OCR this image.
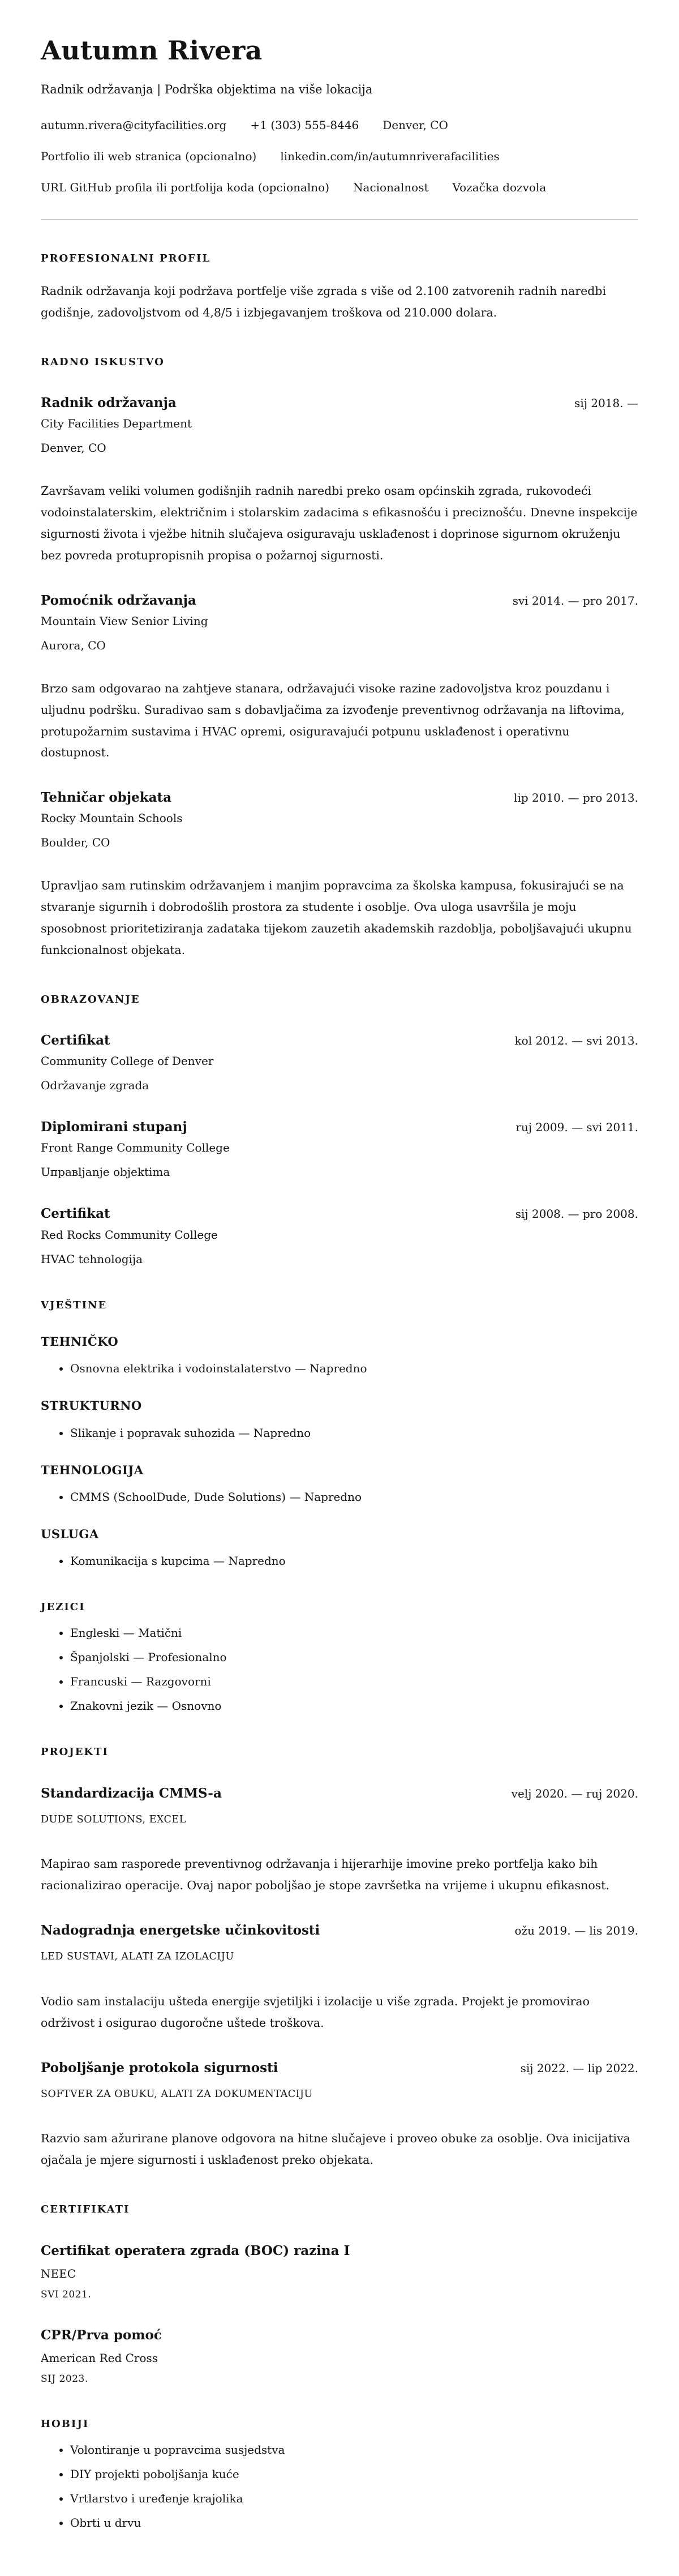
Autumn Rivera

Radnik održavanja | Podrška objektima na više lokacija

autumn.rivera@cityfacilities.org +1 (303) 555-8446 Denver, CO
Portfolio ili web stranica (opcionalno) linkedin.com/in/autumnriverafacilities
URL GitHub profila ili portfolija koda (opcionalno) Nacionalnost Vozačka dozvola
PROFESIONALNI PROFIL

Radnik održavanja koji podržava portfelje više zgrada s više od 2.100 zatvorenih radnih naredbi godišnje, zadovoljstvom od 4,8/5 i izbjegavanjem troškova od 210.000 dolara.

RADNO ISKUSTVO
Radnik održavanja	sij 2018. —

City Facilities Department

Denver, CO

Završavam veliki volumen godišnjih radnih naredbi preko osam općinskih zgrada, rukovodeći vodoinstalaterskim, električnim i stolarskim zadacima s efikasnošću i preciznošću. Dnevne inspekcije sigurnosti života i vježbe hitnih slučajeva osiguravaju usklađenost i doprinose sigurnom okruženju bez povreda protupropisnih propisa o požarnoj sigurnosti.

Pomoćnik održavanja	svi 2014. — pro 2017.

Mountain View Senior Living

Aurora, CO

Brzo sam odgovarao na zahtjeve stanara, održavajući visoke razine zadovoljstva kroz pouzdanu i uljudnu podršku. Suradivao sam s dobavljačima za izvođenje preventivnog održavanja na liftovima, protupožarnim sustavima i HVAC opremi, osiguravajući potpunu usklađenost i operativnu dostupnost.

Tehničar objekata	lip 2010. — pro 2013.

Rocky Mountain Schools

Boulder, CO

Upravljao sam rutinskim održavanjem i manjim popravcima za školska kampusa, fokusirajući se na stvaranje sigurnih i dobrodošlih prostora za studente i osoblje. Ova uloga usavršila je moju sposobnost prioritetiziranja zadataka tijekom zauzetih akademskih razdoblja, poboljšavajući ukupnu funkcionalnost objekata.

OBRAZOVANJE
Certifikat	kol 2012. — svi 2013.

Community College of Denver

Održavanje zgrada

Diplomirani stupanj	ruj 2009. — svi 2011.

Front Range Community College

Uпpaвljanje objektima

Certifikat	sij 2008. — pro 2008.

Red Rocks Community College

HVAC tehnologija

VJEŠTINE
TEHNIČKO
• Osnovna elektrika i vodoinstalaterstvo — Napredno
STRUKTURNO
• Slikanje i popravak suhozida — Napredno
TEHNOLOGIJA
• CMMS (SchoolDude, Dude Solutions) — Napredno
USLUGA
• Komunikacija s kupcima — Napredno
JEZICI
• Engleski — Matični
• Španjolski — Profesionalno
• Francuski — Razgovorni
• Znakovni jezik — Osnovno
PROJEKTI
Standardizacija CMMS-a	velj 2020. — ruj 2020.

DUDE SOLUTIONS, EXCEL

Mapirao sam rasporede preventivnog održavanja i hijerarhije imovine preko portfelja kako bih racionalizirao operacije. Ovaj napor poboljšao je stope završetka na vrijeme i ukupnu efikasnost.

Nadogradnja energetske učinkovitosti	ožu 2019. — lis 2019.

LED SUSTAVI, ALATI ZA IZOLACIJU

Vodio sam instalaciju ušteda energije svjetiljki i izolacije u više zgrada. Projekt je promovirao održivost i osigurao dugoročne uštede troškova.

Poboljšanje protokola sigurnosti	sij 2022. — lip 2022.

SOFTVER ZA OBUKU, ALATI ZA DOKUMENTACIJU

Razvio sam ažurirane planove odgovora na hitne slučajeve i proveo obuke za osoblje. Ova inicijativa ojačala je mjere sigurnosti i usklađenost preko objekata.

CERTIFIKATI
Certifikat operatera zgrada (BOC) razina I

NEEC

SVI 2021.

CPR/Prva pomoć

American Red Cross

SIJ 2023.

HOBIJI
• Volontiranje u popravcima susjedstva
• DIY projekti poboljšanja kuće
• Vrtlarstvo i uređenje krajolika
• Obrti u drvu
